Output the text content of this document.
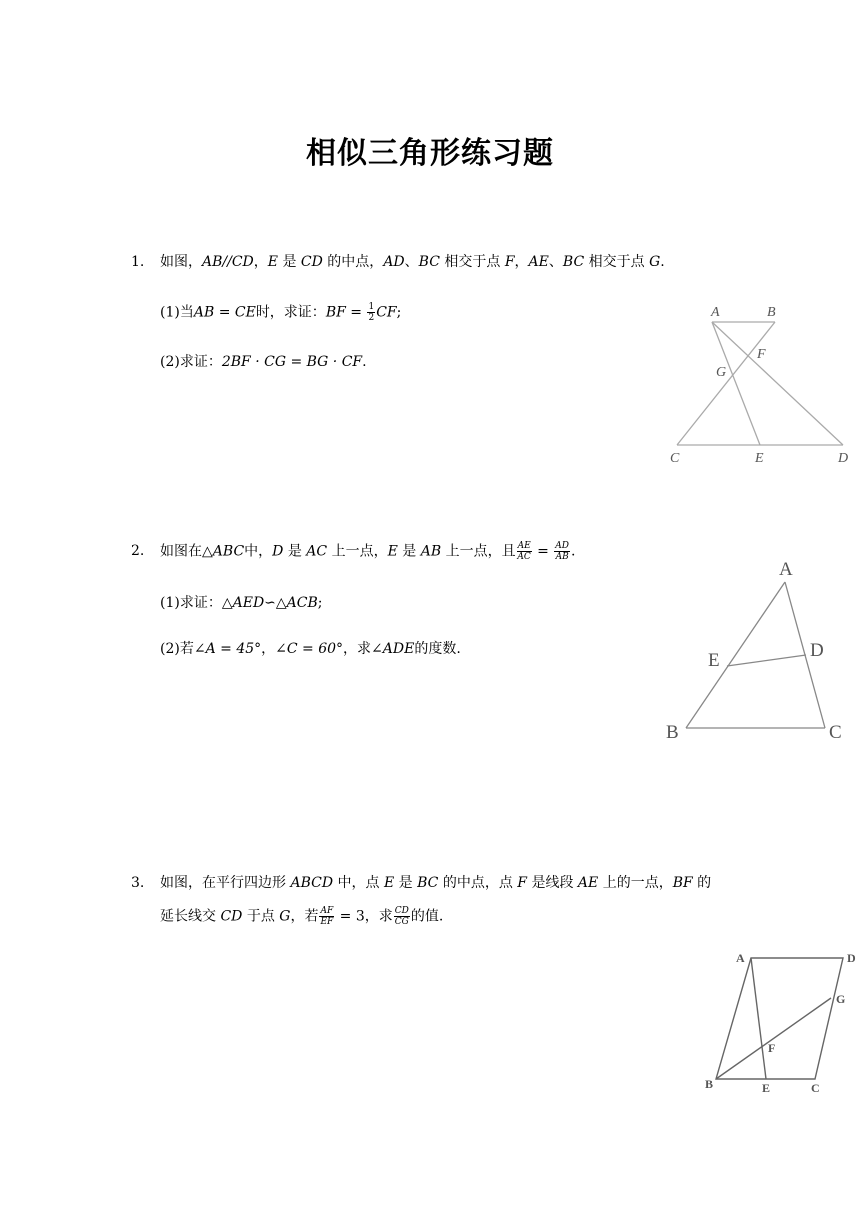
相似三角形练习题
1. 如图，AB//CD，E 是 CD 的中点，AD、BC 相交于点 F，AE、BC 相交于点 G.
(1)当AB = CE时，求证：BF = $\frac{1}{2}$ CF;
(2)求证：2BF · CG = BG · CF.
A	B
F
G
C	E	D
2. 如图在△ABC中，D 是 AC 上一点，E 是 AB 上一点，且 $\frac{AE}{AC} = \frac{AD}{AB}$ .
(1)求证：△AED∽△ACB;
(2)若∠A = 45°，∠C = 60°，求∠ADE的度数.
A
E	D
B	C
3. 如图，在平行四边形 ABCD 中，点 E 是 BC 的中点，点 F 是线段 AE 上的一点，BF 的
延长线交 CD 于点 G，若 $\frac{AF}{EF} = 3$，求 $\frac{CD}{CG}$ 的值.
A	D
G
F
B	E	C
